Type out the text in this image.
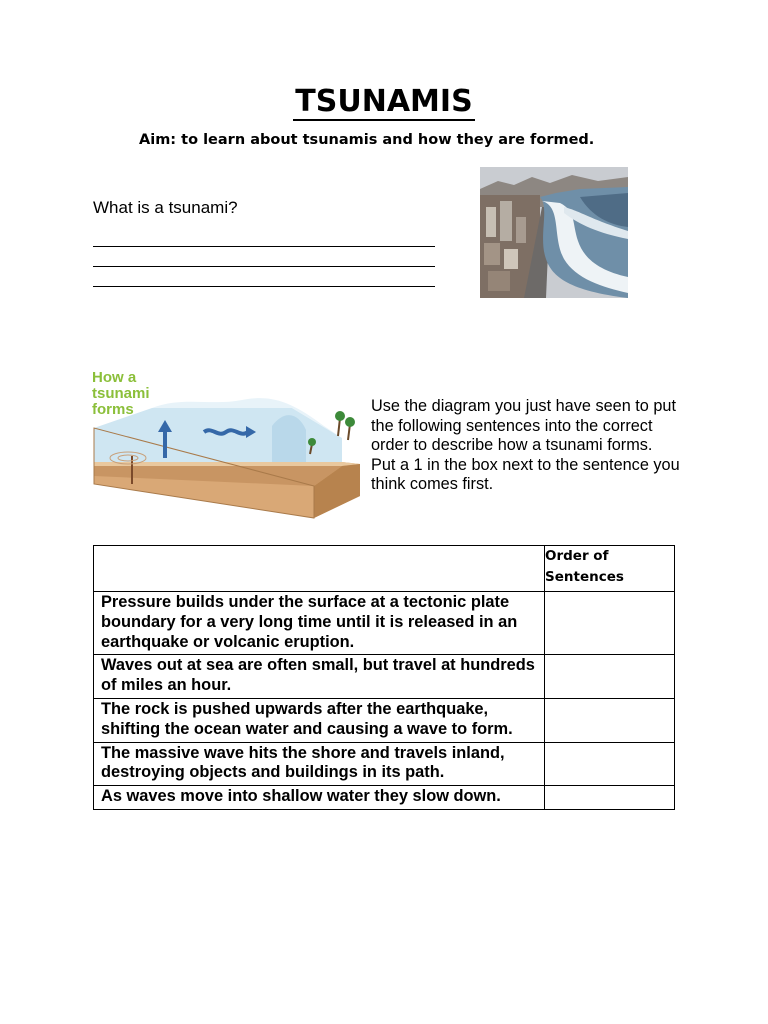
TSUNAMIS
Aim: to learn about tsunamis and how they are formed.
What is a tsunami?
How a
tsunami
forms	Use the diagram you just have seen to put the following sentences into the correct order to describe how a tsunami forms. Put a 1 in the box next to the sentence you think comes first.
	Order of Sentences
Pressure builds under the surface at a tectonic plate boundary for a very long time until it is released in an earthquake or volcanic eruption.	
Waves out at sea are often small, but travel at hundreds of miles an hour.	
The rock is pushed upwards after the earthquake, shifting the ocean water and causing a wave to form.	
The massive wave hits the shore and travels inland, destroying objects and buildings in its path.	
As waves move into shallow water they slow down.	
